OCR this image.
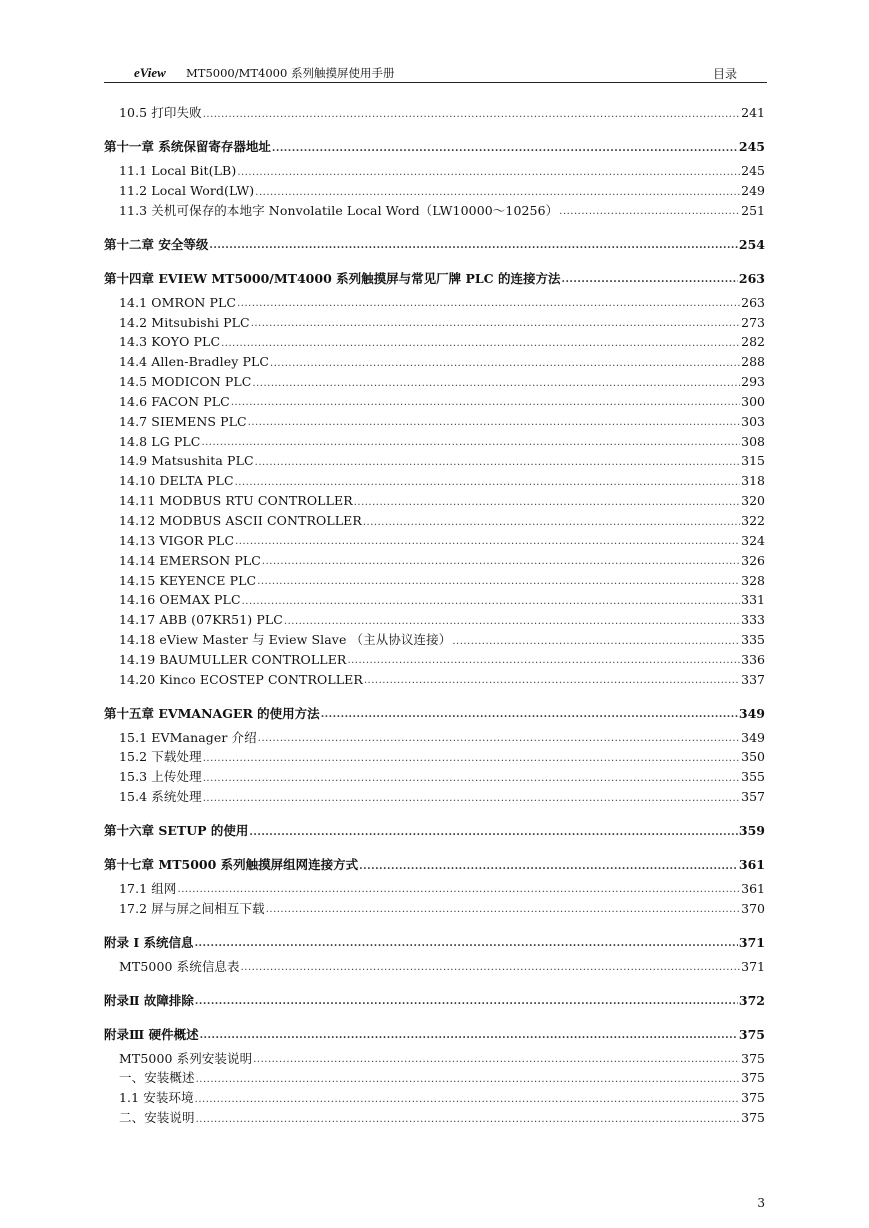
eView MT5000/MT4000 系列触摸屏使用手册	目录
10.5 打印失败 .....	241
第十一章 系统保留寄存器地址 .....	245
11.1 Local Bit(LB) .....	245
11.2 Local Word(LW) .....	249
11.3 关机可保存的本地字 Nonvolatile Local Word（LW10000～10256） .....	251
第十二章 安全等级 .....	254
第十四章 EVIEW MT5000/MT4000 系列触摸屏与常见厂牌 PLC 的连接方法 .....	263
14.1 OMRON PLC .....	263
14.2 Mitsubishi PLC .....	273
14.3 KOYO PLC .....	282
14.4 Allen-Bradley PLC .....	288
14.5 MODICON PLC .....	293
14.6 FACON PLC .....	300
14.7 SIEMENS PLC .....	303
14.8 LG PLC .....	308
14.9 Matsushita PLC .....	315
14.10 DELTA PLC .....	318
14.11 MODBUS RTU CONTROLLER .....	320
14.12 MODBUS ASCII CONTROLLER .....	322
14.13 VIGOR PLC .....	324
14.14 EMERSON PLC .....	326
14.15 KEYENCE PLC .....	328
14.16 OEMAX PLC .....	331
14.17 ABB (07KR51) PLC .....	333
14.18 eView Master 与 Eview Slave （主从协议连接） .....	335
14.19 BAUMULLER CONTROLLER .....	336
14.20 Kinco ECOSTEP CONTROLLER .....	337
第十五章 EVMANAGER 的使用方法 .....	349
15.1 EVManager 介绍 .....	349
15.2 下载处理 .....	350
15.3 上传处理 .....	355
15.4 系统处理 .....	357
第十六章 SETUP 的使用 .....	359
第十七章 MT5000 系列触摸屏组网连接方式 .....	361
17.1 组网 .....	361
17.2 屏与屏之间相互下载 .....	370
附录 I 系统信息 .....	371
MT5000 系统信息表 .....	371
附录Ⅱ 故障排除 .....	372
附录Ⅲ 硬件概述 .....	375
MT5000 系列安装说明 .....	375
一、安装概述 .....	375
1.1 安装环境 .....	375
二、安装说明 .....	375
3
